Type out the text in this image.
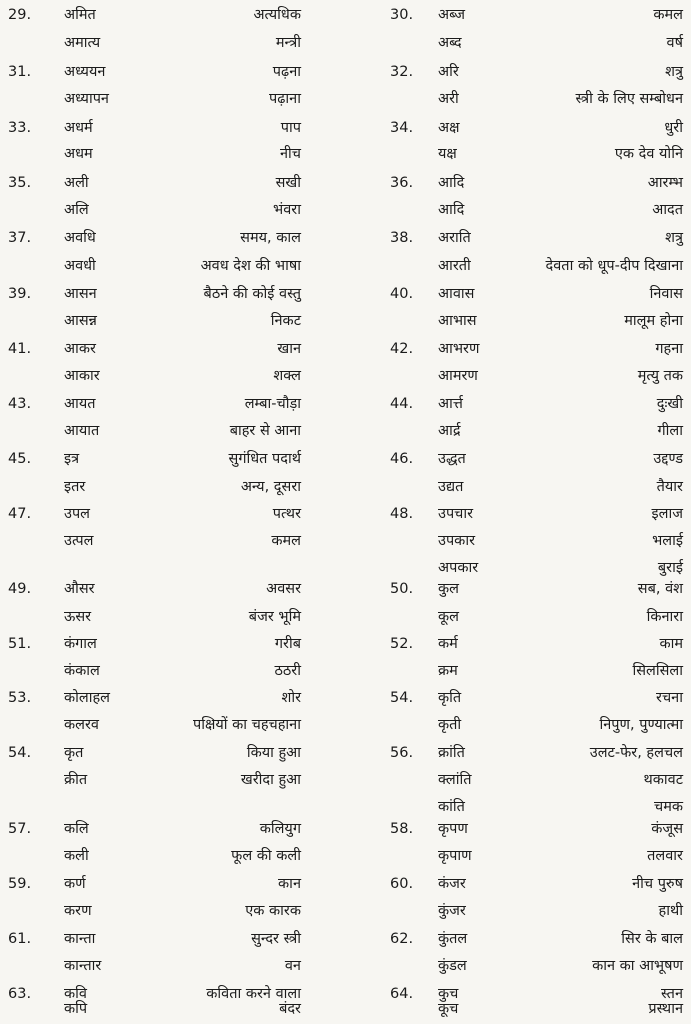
29. अमित	अत्यधिक
अमात्य	मन्त्री
31. अध्ययन	पढ़ना
अध्यापन	पढ़ाना
33. अधर्म	पाप
अधम	नीच
35. अली	सखी
अलि	भंवरा
37. अवधि	समय, काल
अवधी	अवध देश की भाषा
39. आसन	बैठने की कोई वस्तु
आसन्न	निकट
41. आकर	खान
आकार	शक्ल
43. आयत	लम्बा-चौड़ा
आयात	बाहर से आना
45. इत्र	सुगंधित पदार्थ
इतर	अन्य, दूसरा
47. उपल	पत्थर
उत्पल	कमल
49. औसर	अवसर
ऊसर	बंजर भूमि
51. कंगाल	गरीब
कंकाल	ठठरी
53. कोलाहल	शोर
कलरव	पक्षियों का चहचहाना
54. कृत	किया हुआ
क्रीत	खरीदा हुआ
57. कलि	कलियुग
कली	फूल की कली
59. कर्ण	कान
करण	एक कारक
61. कान्ता	सुन्दर स्त्री
कान्तार	वन
63. कवि	कविता करने वाला
कपि	बंदर
30. अब्ज	कमल
अब्द	वर्ष
32. अरि	शत्रु
अरी	स्त्री के लिए सम्बोधन
34. अक्ष	धुरी
यक्ष	एक देव योनि
36. आदि	आरम्भ
आदि	आदत
38. अराति	शत्रु
आरती	देवता को धूप-दीप दिखाना
40. आवास	निवास
आभास	मालूम होना
42. आभरण	गहना
आमरण	मृत्यु तक
44. आर्त्त	दुःखी
आर्द्र	गीला
46. उद्धत	उद्दण्ड
उद्यत	तैयार
48. उपचार	इलाज
उपकार	भलाई
अपकार	बुराई
50. कुल	सब, वंश
कूल	किनारा
52. कर्म	काम
क्रम	सिलसिला
54. कृति	रचना
कृती	निपुण, पुण्यात्मा
56. क्रांति	उलट-फेर, हलचल
क्लांति	थकावट
कांति	चमक
58. कृपण	कंजूस
कृपाण	तलवार
60. कंजर	नीच पुरुष
कुंजर	हाथी
62. कुंतल	सिर के बाल
कुंडल	कान का आभूषण
64. कुच	स्तन
कूच	प्रस्थान
